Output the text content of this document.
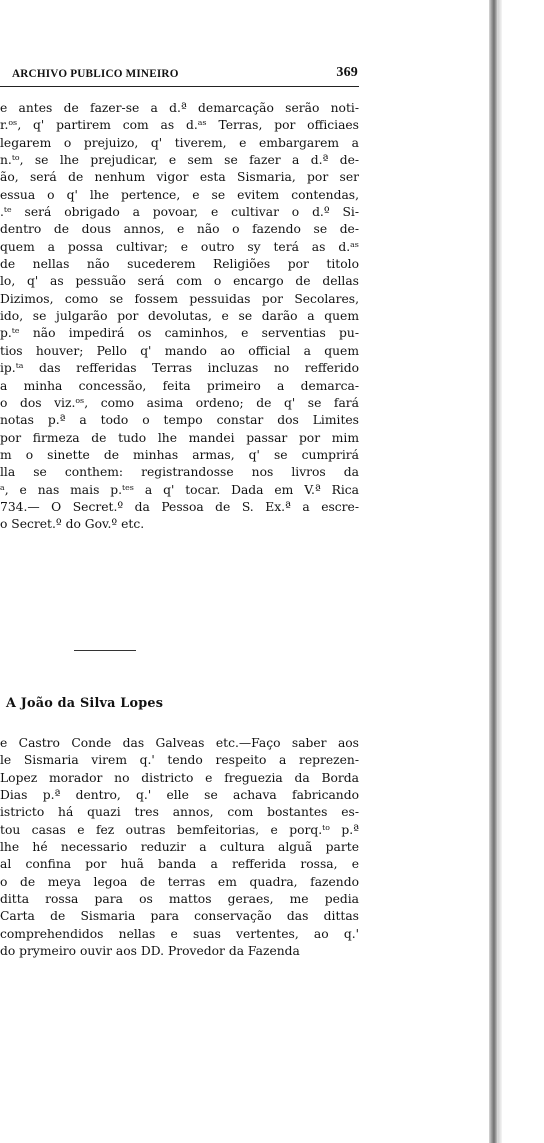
ARCHIVO PUBLICO MINEIRO	369
e antes de fazer-se a d.ª demarcação serão noti-
r.ᵒˢ, q' partirem com as d.ᵃˢ Terras, por officiaes
legarem o prejuizo, q' tiverem, e embargarem a
n.ᵗᵒ, se lhe prejudicar, e sem se fazer a d.ª de-
ão, será de nenhum vigor esta Sismaria, por ser
essua o q' lhe pertence, e se evitem contendas,
.ᵗᵉ será obrigado a povoar, e cultivar o d.º Si-
dentro de dous annos, e não o fazendo se de-
quem a possa cultivar; e outro sy terá as d.ᵃˢ
de nellas não sucederem Religiões por titolo
lo, q' as pessuão será com o encargo de dellas
Dizimos, como se fossem pessuidas por Secolares,
ido, se julgarão por devolutas, e se darão a quem
p.ᵗᵉ não impedirá os caminhos, e serventias pu-
tios houver; Pello q' mando ao official a quem
ip.ᵗᵃ das refferidas Terras incluzas no refferido
a minha concessão, feita primeiro a demarca-
o dos viz.ᵒˢ, como asima ordeno; de q' se fará
notas p.ª a todo o tempo constar dos Limites
por firmeza de tudo lhe mandei passar por mim
m o sinette de minhas armas, q' se cumprirá
lla se conthem: registrandosse nos livros da
ᵃ, e nas mais p.ᵗᵉˢ a q' tocar. Dada em V.ª Rica
734.— O Secret.º da Pessoa de S. Ex.ª a escre-
o Secret.º do Gov.º etc.
A João da Silva Lopes
e Castro Conde das Galveas etc.—Faço saber aos
le Sismaria virem q.' tendo respeito a reprezen-
Lopez morador no districto e freguezia da Borda
Dias p.ª dentro, q.' elle se achava fabricando
istricto há quazi tres annos, com bostantes es-
tou casas e fez outras bemfeitorias, e porq.ᵗᵒ p.ª
lhe hé necessario reduzir a cultura alguã parte
al confina por huã banda a refferida rossa, e
o de meya legoa de terras em quadra, fazendo
ditta rossa para os mattos geraes, me pedia
Carta de Sismaria para conservação das dittas
comprehendidos nellas e suas vertentes, ao q.'
do prymeiro ouvir aos DD. Provedor da Fazenda
